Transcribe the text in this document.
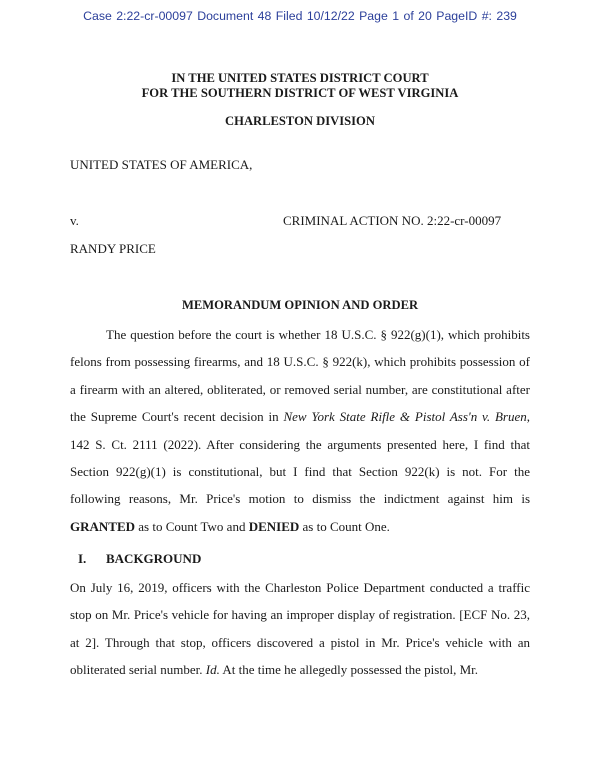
Case 2:22-cr-00097 Document 48 Filed 10/12/22 Page 1 of 20 PageID #: 239
IN THE UNITED STATES DISTRICT COURT
FOR THE SOUTHERN DISTRICT OF WEST VIRGINIA
CHARLESTON DIVISION
UNITED STATES OF AMERICA,
v.	CRIMINAL ACTION NO. 2:22-cr-00097
RANDY PRICE
MEMORANDUM OPINION AND ORDER

The question before the court is whether 18 U.S.C. § 922(g)(1), which prohibits felons from possessing firearms, and 18 U.S.C. § 922(k), which prohibits possession of a firearm with an altered, obliterated, or removed serial number, are constitutional after the Supreme Court's recent decision in New York State Rifle & Pistol Ass'n v. Bruen, 142 S. Ct. 2111 (2022). After considering the arguments presented here, I find that Section 922(g)(1) is constitutional, but I find that Section 922(k) is not. For the following reasons, Mr. Price's motion to dismiss the indictment against him is GRANTED as to Count Two and DENIED as to Count One.

I. BACKGROUND

On July 16, 2019, officers with the Charleston Police Department conducted a traffic stop on Mr. Price's vehicle for having an improper display of registration. [ECF No. 23, at 2]. Through that stop, officers discovered a pistol in Mr. Price's vehicle with an obliterated serial number. Id. At the time he allegedly possessed the pistol, Mr.
